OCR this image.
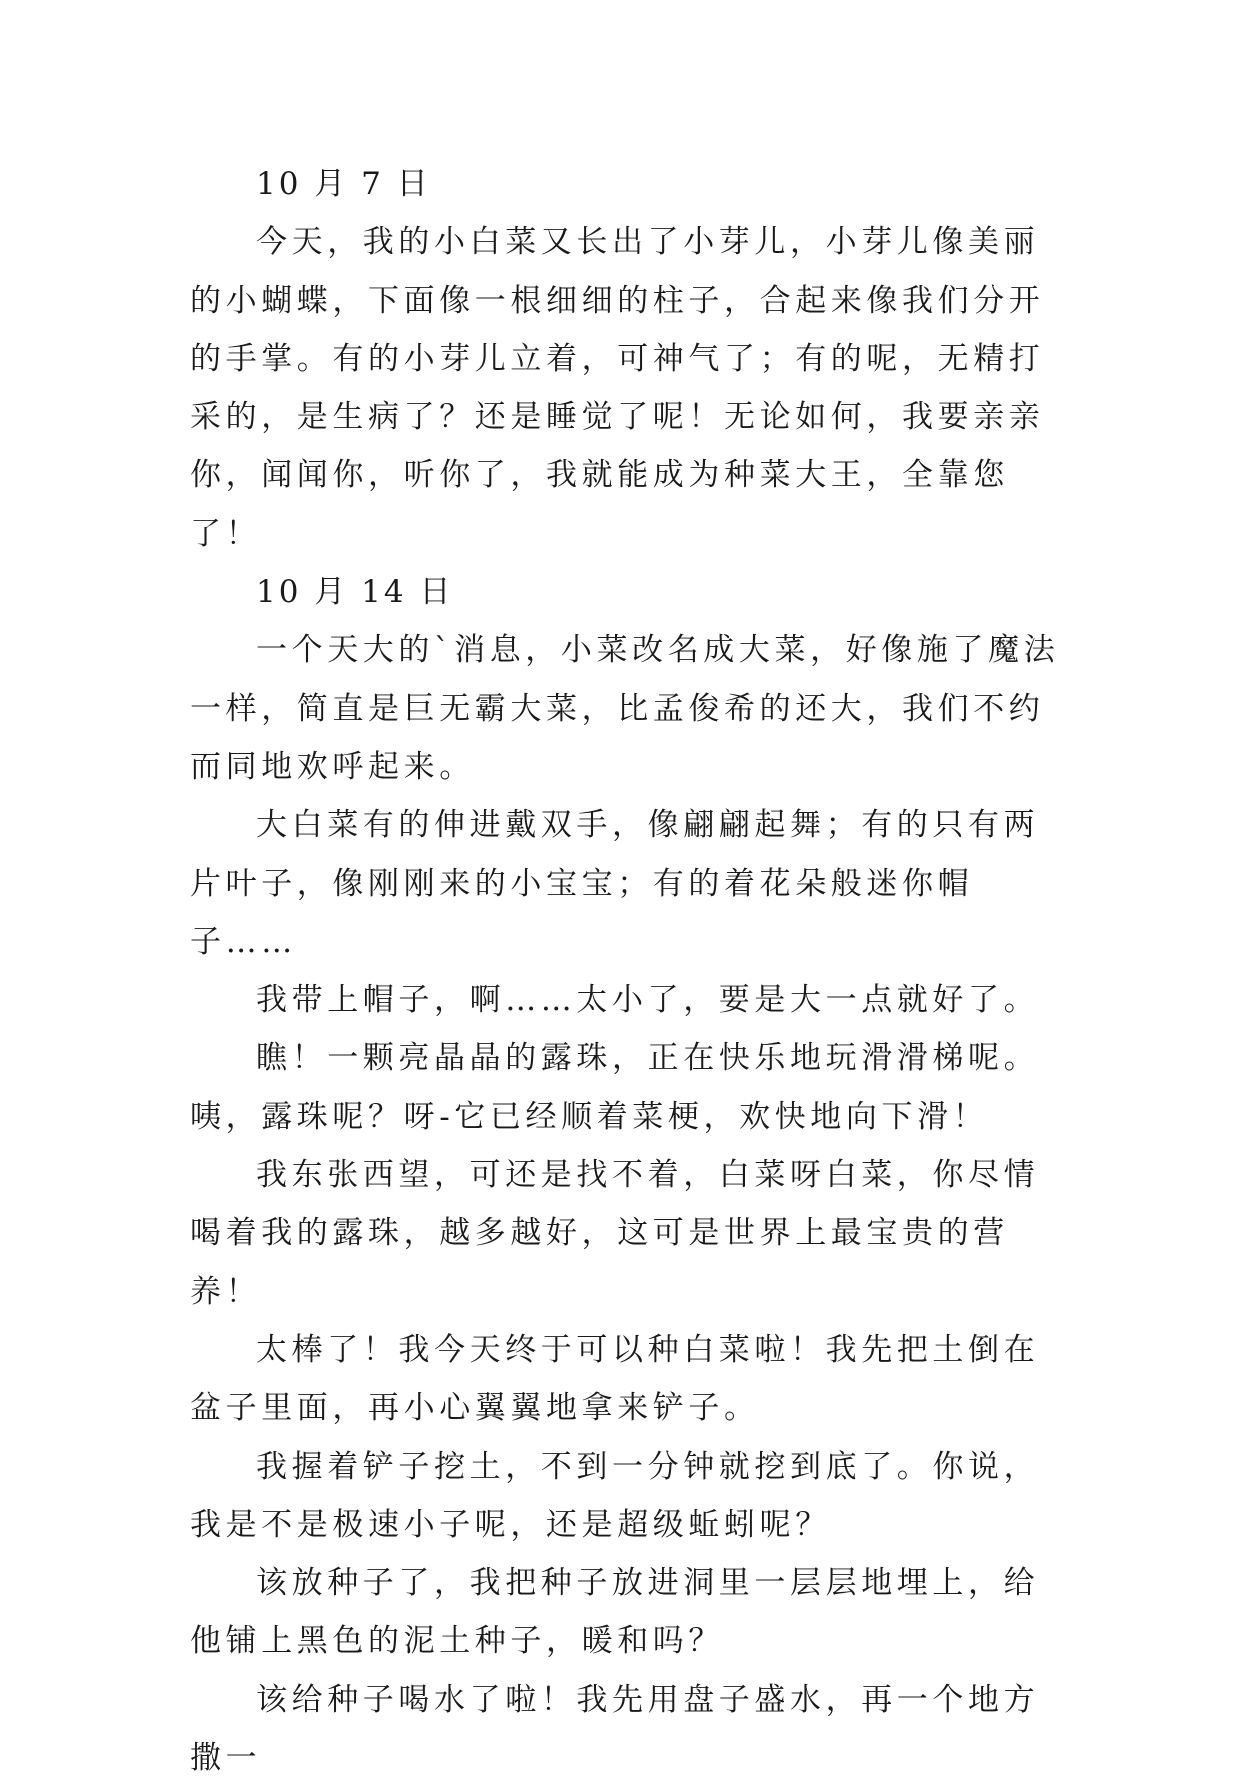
10 月 7 日

今天，我的小白菜又长出了小芽儿，小芽儿像美丽的小蝴蝶，下面像一根细细的柱子，合起来像我们分开的手掌。有的小芽儿立着，可神气了；有的呢，无精打采的，是生病了？还是睡觉了呢！无论如何，我要亲亲你，闻闻你，听你了，我就能成为种菜大王，全靠您了！

10 月 14 日

一个天大的`消息，小菜改名成大菜，好像施了魔法一样，简直是巨无霸大菜，比孟俊希的还大，我们不约而同地欢呼起来。

大白菜有的伸进戴双手，像翩翩起舞；有的只有两片叶子，像刚刚来的小宝宝；有的着花朵般迷你帽子……

我带上帽子，啊……太小了，要是大一点就好了。

瞧！一颗亮晶晶的露珠，正在快乐地玩滑滑梯呢。咦，露珠呢？呀-它已经顺着菜梗，欢快地向下滑！

我东张西望，可还是找不着，白菜呀白菜，你尽情喝着我的露珠，越多越好，这可是世界上最宝贵的营养！

太棒了！我今天终于可以种白菜啦！我先把土倒在盆子里面，再小心翼翼地拿来铲子。

我握着铲子挖土，不到一分钟就挖到底了。你说，我是不是极速小子呢，还是超级蚯蚓呢？

该放种子了，我把种子放进洞里一层层地埋上，给他铺上黑色的泥土种子，暖和吗？

该给种子喝水了啦！我先用盘子盛水，再一个地方撒一
